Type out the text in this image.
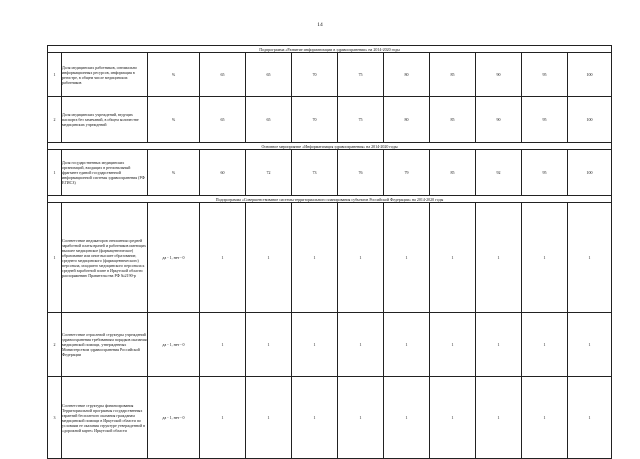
14
Подпрограмма «Развитие информатизации в здравоохранении» на 2014-2020 годы											
1	Доля медицинских работников, оптимально информационных ресурсов, информация в регистре, в общем числе медицинских работников	%	65	65	70	75	80	85	90	95	100
2	Доля медицинских учреждений, ведущих паспорта без замечаний, в общем количестве медицинских учреждений	%	65	65	70	75	80	85	90	95	100
Основное мероприятие «Информатизация здравоохранения» на 2014-2020 годы											
1	Доля государственных медицинских организаций, входящих в региональный фрагмент единой государственной информационной системы здравоохранения (РФ ЕГИСЗ)	%	60	72	73	76	79	85	92	95	100
Подпрограмма «Совершенствование системы территориального планирования субъектов Российской Федерации» на 2014-2020 годы											
1	Соответствие индикаторов отношения средней заработной платы врачей и работников имеющих высшее медицинское (фармацевтическое) образование или иное высшее образование, среднего медицинского (фармацевтического) персонала, младшего медицинского персонала к средней заработной плате в Иркутской области распоряжению Правительства РФ №2190-р	да - 1, нет - 0	1	1	1	1	1	1	1	1	1
2	Соответствие отраслевой структуры учреждений здравоохранения требованиям порядков оказания медицинской помощи, утвержденных Министерством здравоохранения Российской Федерации	да - 1, нет - 0	1	1	1	1	1	1	1	1	1
3	Соответствие структуры финансирования Территориальной программы государственных гарантий бесплатного оказания гражданам медицинской помощи в Иркутской области по условиям ее оказания структуре утвержденной в «дорожной карте» Иркутской области	да - 1, нет - 0	1	1	1	1	1	1	1	1	1
